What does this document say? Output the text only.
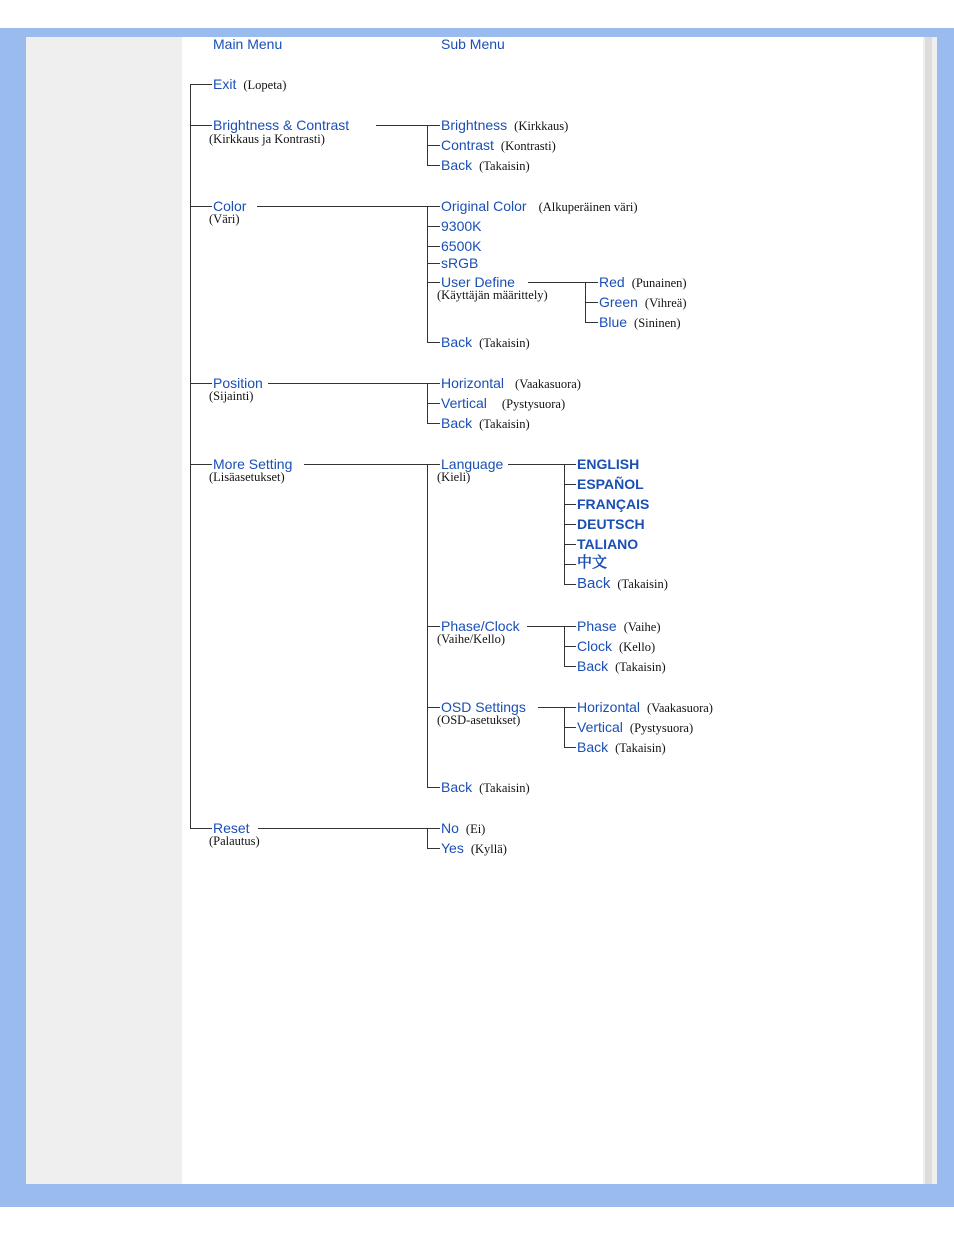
Main Menu	Sub Menu
Exit (Lopeta)
Brightness & Contrast
(Kirkkaus ja Kontrasti)
Color
(Väri)
Position
(Sijainti)
More Setting
(Lisäasetukset)
Reset
(Palautus)
Brightness (Kirkkaus)
Contrast (Kontrasti)
Back (Takaisin)
Original Color (Alkuperäinen väri)
9300K
6500K
sRGB
User Define
(Käyttäjän määrittely)
Red (Punainen)
Green (Vihreä)
Blue (Sininen)
Back (Takaisin)
Horizontal (Vaakasuora)
Vertical (Pystysuora)
Back (Takaisin)
Language
(Kieli)
ENGLISH
ESPAÑOL
FRANÇAIS
DEUTSCH
TALIANO
中文
Back (Takaisin)
Phase/Clock
(Vaihe/Kello)
Phase (Vaihe)
Clock (Kello)
Back (Takaisin)
OSD Settings
(OSD-asetukset)
Horizontal (Vaakasuora)
Vertical (Pystysuora)
Back (Takaisin)
Back (Takaisin)
No (Ei)
Yes (Kyllä)
